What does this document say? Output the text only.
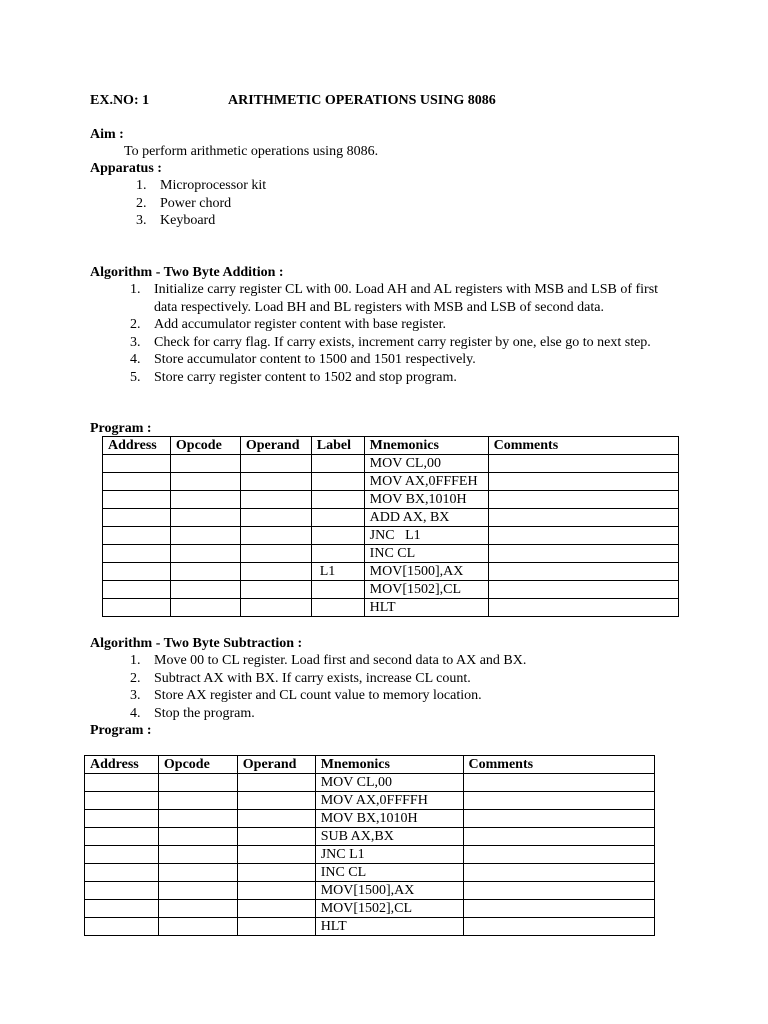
EX.NO: 1	ARITHMETIC OPERATIONS USING 8086
Aim :
To perform arithmetic operations using 8086.
Apparatus :
1. Microprocessor kit
2. Power chord
3. Keyboard
Algorithm - Two Byte Addition :
1. Initialize carry register CL with 00. Load AH and AL registers with MSB and LSB of first data respectively. Load BH and BL registers with MSB and LSB of second data.
2. Add accumulator register content with base register.
3. Check for carry flag. If carry exists, increment carry register by one, else go to next step.
4. Store accumulator content to 1500 and 1501 respectively.
5. Store carry register content to 1502 and stop program.
Program :
Address	Opcode	Operand	Label	Mnemonics	Comments
				MOV CL,00	
				MOV AX,0FFFEH	
				MOV BX,1010H	
				ADD AX, BX	
				JNC   L1	
				INC CL	
			L1	MOV[1500],AX	
				MOV[1502],CL	
				HLT	
Algorithm - Two Byte Subtraction :
1. Move 00 to CL register. Load first and second data to AX and BX.
2. Subtract AX with BX. If carry exists, increase CL count.
3. Store AX register and CL count value to memory location.
4. Stop the program.
Program :
Address	Opcode	Operand	Mnemonics	Comments
			MOV CL,00	
			MOV AX,0FFFFH	
			MOV BX,1010H	
			SUB AX,BX	
			JNC L1	
			INC CL	
			MOV[1500],AX	
			MOV[1502],CL	
			HLT	
